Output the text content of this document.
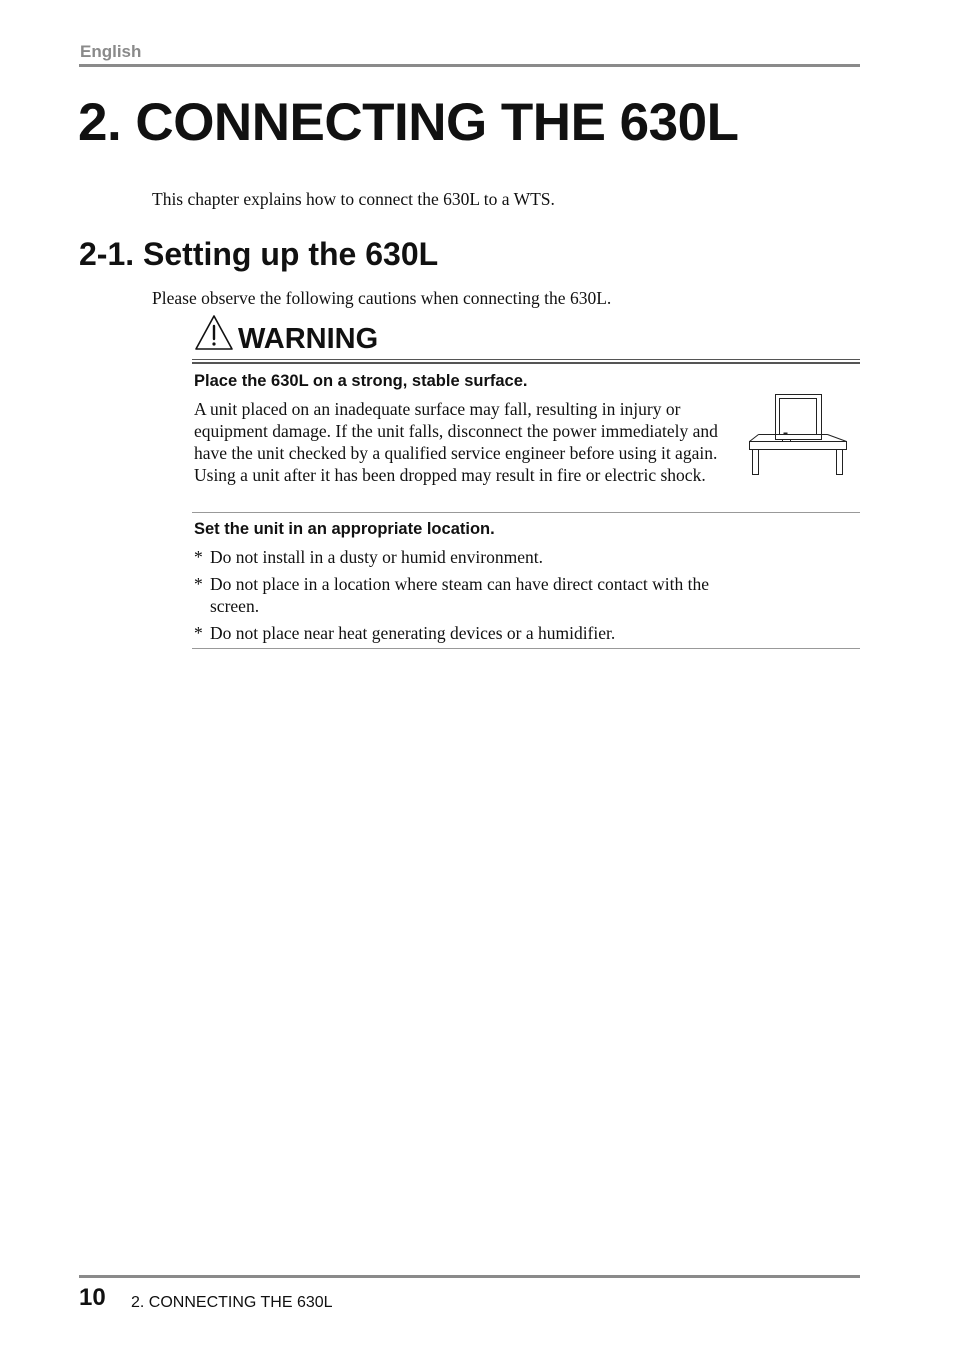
English
2. CONNECTING THE 630L
This chapter explains how to connect the 630L to a WTS.
2-1. Setting up the 630L
Please observe the following cautions when connecting the 630L.
WARNING
Place the 630L on a strong, stable surface.

A unit placed on an inadequate surface may fall, resulting in injury or equipment damage. If the unit falls, disconnect the power immediately and have the unit checked by a qualified service engineer before using it again. Using a unit after it has been dropped may result in fire or electric shock.

Set the unit in an appropriate location.
* Do not install in a dusty or humid environment.
* Do not place in a location where steam can have direct contact with the screen.
* Do not place near heat generating devices or a humidifier.
10 2. CONNECTING THE 630L
